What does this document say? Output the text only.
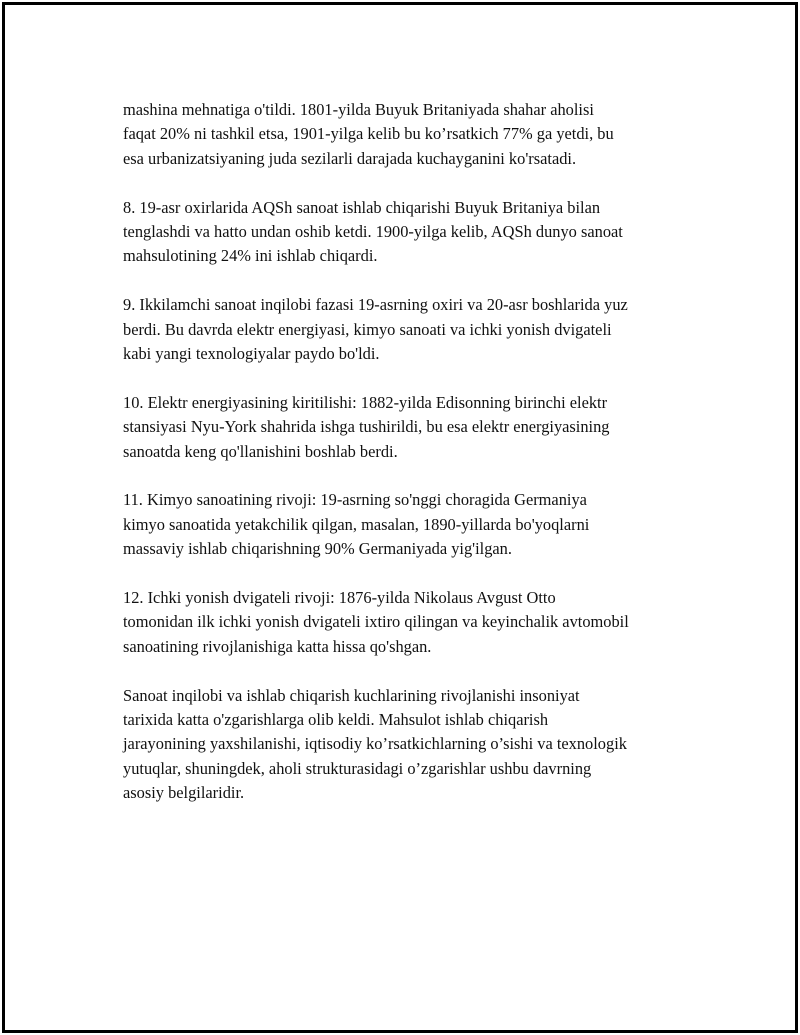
mashina mehnatiga o'tildi. 1801-yilda Buyuk Britaniyada shahar aholisi
faqat 20% ni tashkil etsa, 1901-yilga kelib bu ko’rsatkich 77% ga yetdi, bu
esa urbanizatsiyaning juda sezilarli darajada kuchayganini ko'rsatadi.

8. 19-asr oxirlarida AQSh sanoat ishlab chiqarishi Buyuk Britaniya bilan
tenglashdi va hatto undan oshib ketdi. 1900-yilga kelib, AQSh dunyo sanoat
mahsulotining 24% ini ishlab chiqardi.

9. Ikkilamchi sanoat inqilobi fazasi 19-asrning oxiri va 20-asr boshlarida yuz
berdi. Bu davrda elektr energiyasi, kimyo sanoati va ichki yonish dvigateli
kabi yangi texnologiyalar paydo bo'ldi.

10. Elektr energiyasining kiritilishi: 1882-yilda Edisonning birinchi elektr
stansiyasi Nyu-York shahrida ishga tushirildi, bu esa elektr energiyasining
sanoatda keng qo'llanishini boshlab berdi.

11. Kimyo sanoatining rivoji: 19-asrning so'nggi choragida Germaniya
kimyo sanoatida yetakchilik qilgan, masalan, 1890-yillarda bo'yoqlarni
massaviy ishlab chiqarishning 90% Germaniyada yig'ilgan.

12. Ichki yonish dvigateli rivoji: 1876-yilda Nikolaus Avgust Otto
tomonidan ilk ichki yonish dvigateli ixtiro qilingan va keyinchalik avtomobil
sanoatining rivojlanishiga katta hissa qo'shgan.

Sanoat inqilobi va ishlab chiqarish kuchlarining rivojlanishi insoniyat
tarixida katta o'zgarishlarga olib keldi. Mahsulot ishlab chiqarish
jarayonining yaxshilanishi, iqtisodiy ko’rsatkichlarning o’sishi va texnologik
yutuqlar, shuningdek, aholi strukturasidagi o’zgarishlar ushbu davrning
asosiy belgilaridir.
